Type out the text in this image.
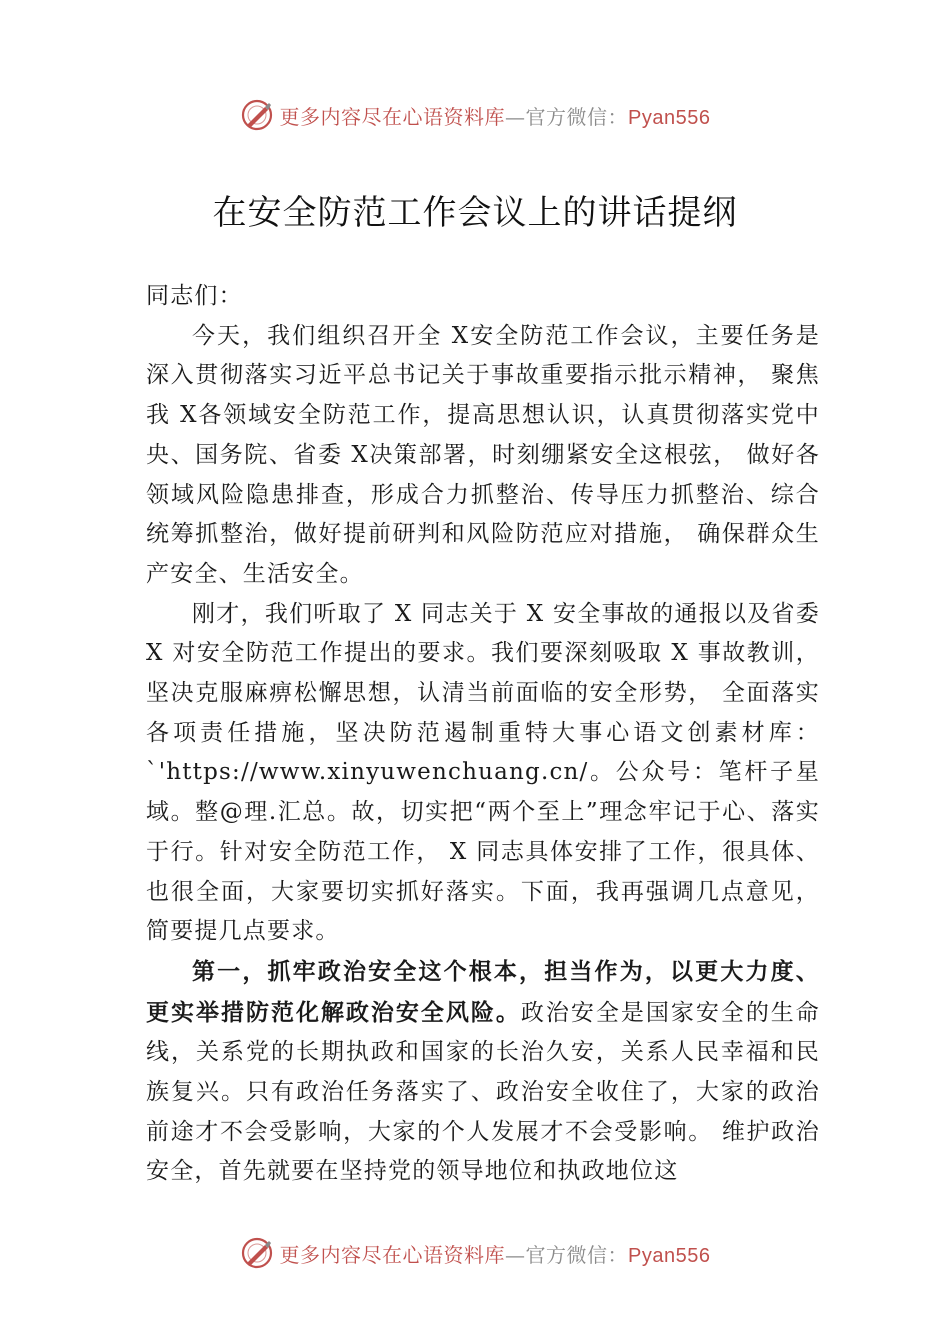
更多内容尽在心语资料库—官方微信：Pyan556
在安全防范工作会议上的讲话提纲

同志们：

今天，我们组织召开全 X安全防范工作会议，主要任务是深入贯彻落实习近平总书记关于事故重要指示批示精神， 聚焦我 X各领域安全防范工作，提高思想认识，认真贯彻落实党中央、国务院、省委 X决策部署，时刻绷紧安全这根弦， 做好各领域风险隐患排查，形成合力抓整治、传导压力抓整治、综合统筹抓整治，做好提前研判和风险防范应对措施， 确保群众生产安全、生活安全。

刚才，我们听取了 X 同志关于 X 安全事故的通报以及省委 X 对安全防范工作提出的要求。我们要深刻吸取 X 事故教训，坚决克服麻痹松懈思想，认清当前面临的安全形势， 全面落实各项责任措施，坚决防范遏制重特大事心语文创素材库：`'https://www.xinyuwenchuang.cn/。公众号：笔杆子星域。整@理.汇总。故，切实把“两个至上”理念牢记于心、落实于行。针对安全防范工作， X 同志具体安排了工作，很具体、也很全面，大家要切实抓好落实。下面，我再强调几点意见，简要提几点要求。

第一，抓牢政治安全这个根本，担当作为，以更大力度、更实举措防范化解政治安全风险。政治安全是国家安全的生命线，关系党的长期执政和国家的长治久安，关系人民幸福和民族复兴。只有政治任务落实了、政治安全收住了，大家的政治前途才不会受影响，大家的个人发展才不会受影响。 维护政治安全，首先就要在坚持党的领导地位和执政地位这

更多内容尽在心语资料库—官方微信：Pyan556
